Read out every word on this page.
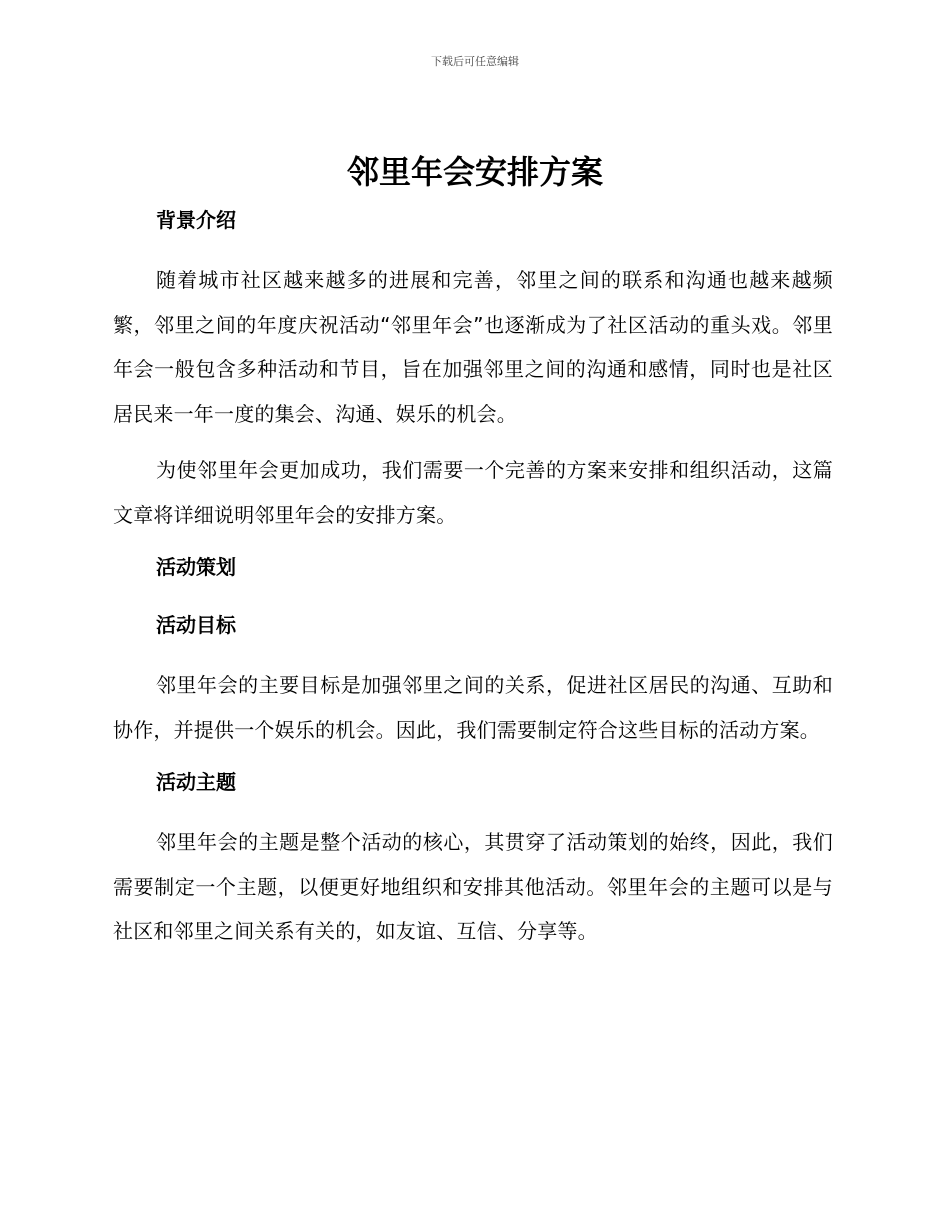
下载后可任意编辑
邻里年会安排方案
背景介绍

随着城市社区越来越多的进展和完善，邻里之间的联系和沟通也越来越频繁，邻里之间的年度庆祝活动“邻里年会”也逐渐成为了社区活动的重头戏。邻里年会一般包含多种活动和节目，旨在加强邻里之间的沟通和感情，同时也是社区居民来一年一度的集会、沟通、娱乐的机会。

为使邻里年会更加成功，我们需要一个完善的方案来安排和组织活动，这篇文章将详细说明邻里年会的安排方案。

活动策划
活动目标

邻里年会的主要目标是加强邻里之间的关系，促进社区居民的沟通、互助和协作，并提供一个娱乐的机会。因此，我们需要制定符合这些目标的活动方案。

活动主题

邻里年会的主题是整个活动的核心，其贯穿了活动策划的始终，因此，我们需要制定一个主题，以便更好地组织和安排其他活动。邻里年会的主题可以是与社区和邻里之间关系有关的，如友谊、互信、分享等。
